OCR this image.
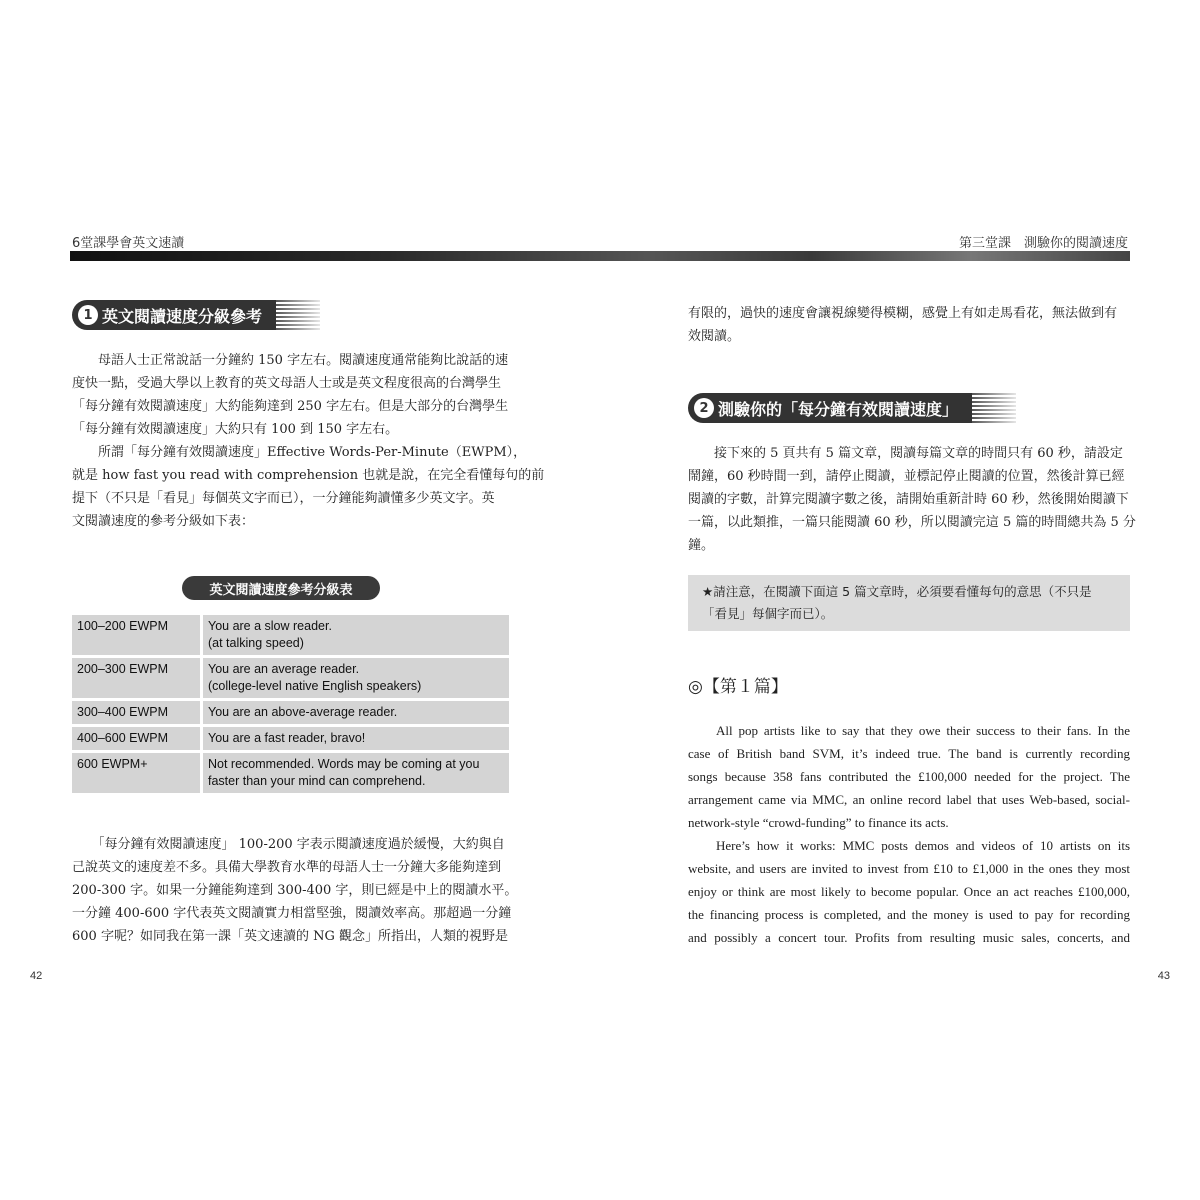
6堂課學會英文速讀	第三堂課　測驗你的閱讀速度
1 英文閱讀速度分級參考
　　母語人士正常說話一分鐘約 150 字左右。閱讀速度通常能夠比說話的速
度快一點，受過大學以上教育的英文母語人士或是英文程度很高的台灣學生
「每分鐘有效閱讀速度」大約能夠達到 250 字左右。但是大部分的台灣學生
「每分鐘有效閱讀速度」大約只有 100 到 150 字左右。
　　所謂「每分鐘有效閱讀速度」Effective Words-Per-Minute（EWPM），
就是 how fast you read with comprehension 也就是說，在完全看懂每句的前
提下（不只是「看見」每個英文字而已），一分鐘能夠讀懂多少英文字。英
文閱讀速度的參考分級如下表：
英文閱讀速度參考分級表
100–200 EWPM	You are a slow reader.
(at talking speed)

200–300 EWPM	You are an average reader.
(college-level native English speakers)

300–400 EWPM	You are an above-average reader.

400–600 EWPM	You are a fast reader, bravo!

600 EWPM+	Not recommended. Words may be coming at you
faster than your mind can comprehend.
　　「每分鐘有效閱讀速度」 100-200 字表示閱讀速度過於緩慢，大約與自
己說英文的速度差不多。具備大學教育水準的母語人士一分鐘大多能夠達到
200-300 字。如果一分鐘能夠達到 300-400 字，則已經是中上的閱讀水平。
一分鐘 400-600 字代表英文閱讀實力相當堅強，閱讀效率高。那超過一分鐘
600 字呢？如同我在第一課「英文速讀的 NG 觀念」所指出，人類的視野是
42
有限的，過快的速度會讓視線變得模糊，感覺上有如走馬看花，無法做到有
效閱讀。
2 測驗你的「每分鐘有效閱讀速度」
　　接下來的 5 頁共有 5 篇文章，閱讀每篇文章的時間只有 60 秒，請設定
鬧鐘，60 秒時間一到，請停止閱讀，並標記停止閱讀的位置，然後計算已經
閱讀的字數，計算完閱讀字數之後，請開始重新計時 60 秒，然後開始閱讀下
一篇，以此類推，一篇只能閱讀 60 秒，所以閱讀完這 5 篇的時間總共為 5 分
鐘。
★請注意，在閱讀下面這 5 篇文章時，必須要看懂每句的意思（不只是
「看見」每個字而已）。
◎【第１篇】
All pop artists like to say that they owe their success to their fans. In the
case of British band SVM, it’s indeed true. The band is currently recording
songs because 358 fans contributed the £100,000 needed for the project. The
arrangement came via MMC, an online record label that uses Web-based, social-
network-style “crowd-funding” to finance its acts.
Here’s how it works: MMC posts demos and videos of 10 artists on its
website, and users are invited to invest from £10 to £1,000 in the ones they most
enjoy or think are most likely to become popular. Once an act reaches £100,000,
the financing process is completed, and the money is used to pay for recording
and possibly a concert tour. Profits from resulting music sales, concerts, and
43
